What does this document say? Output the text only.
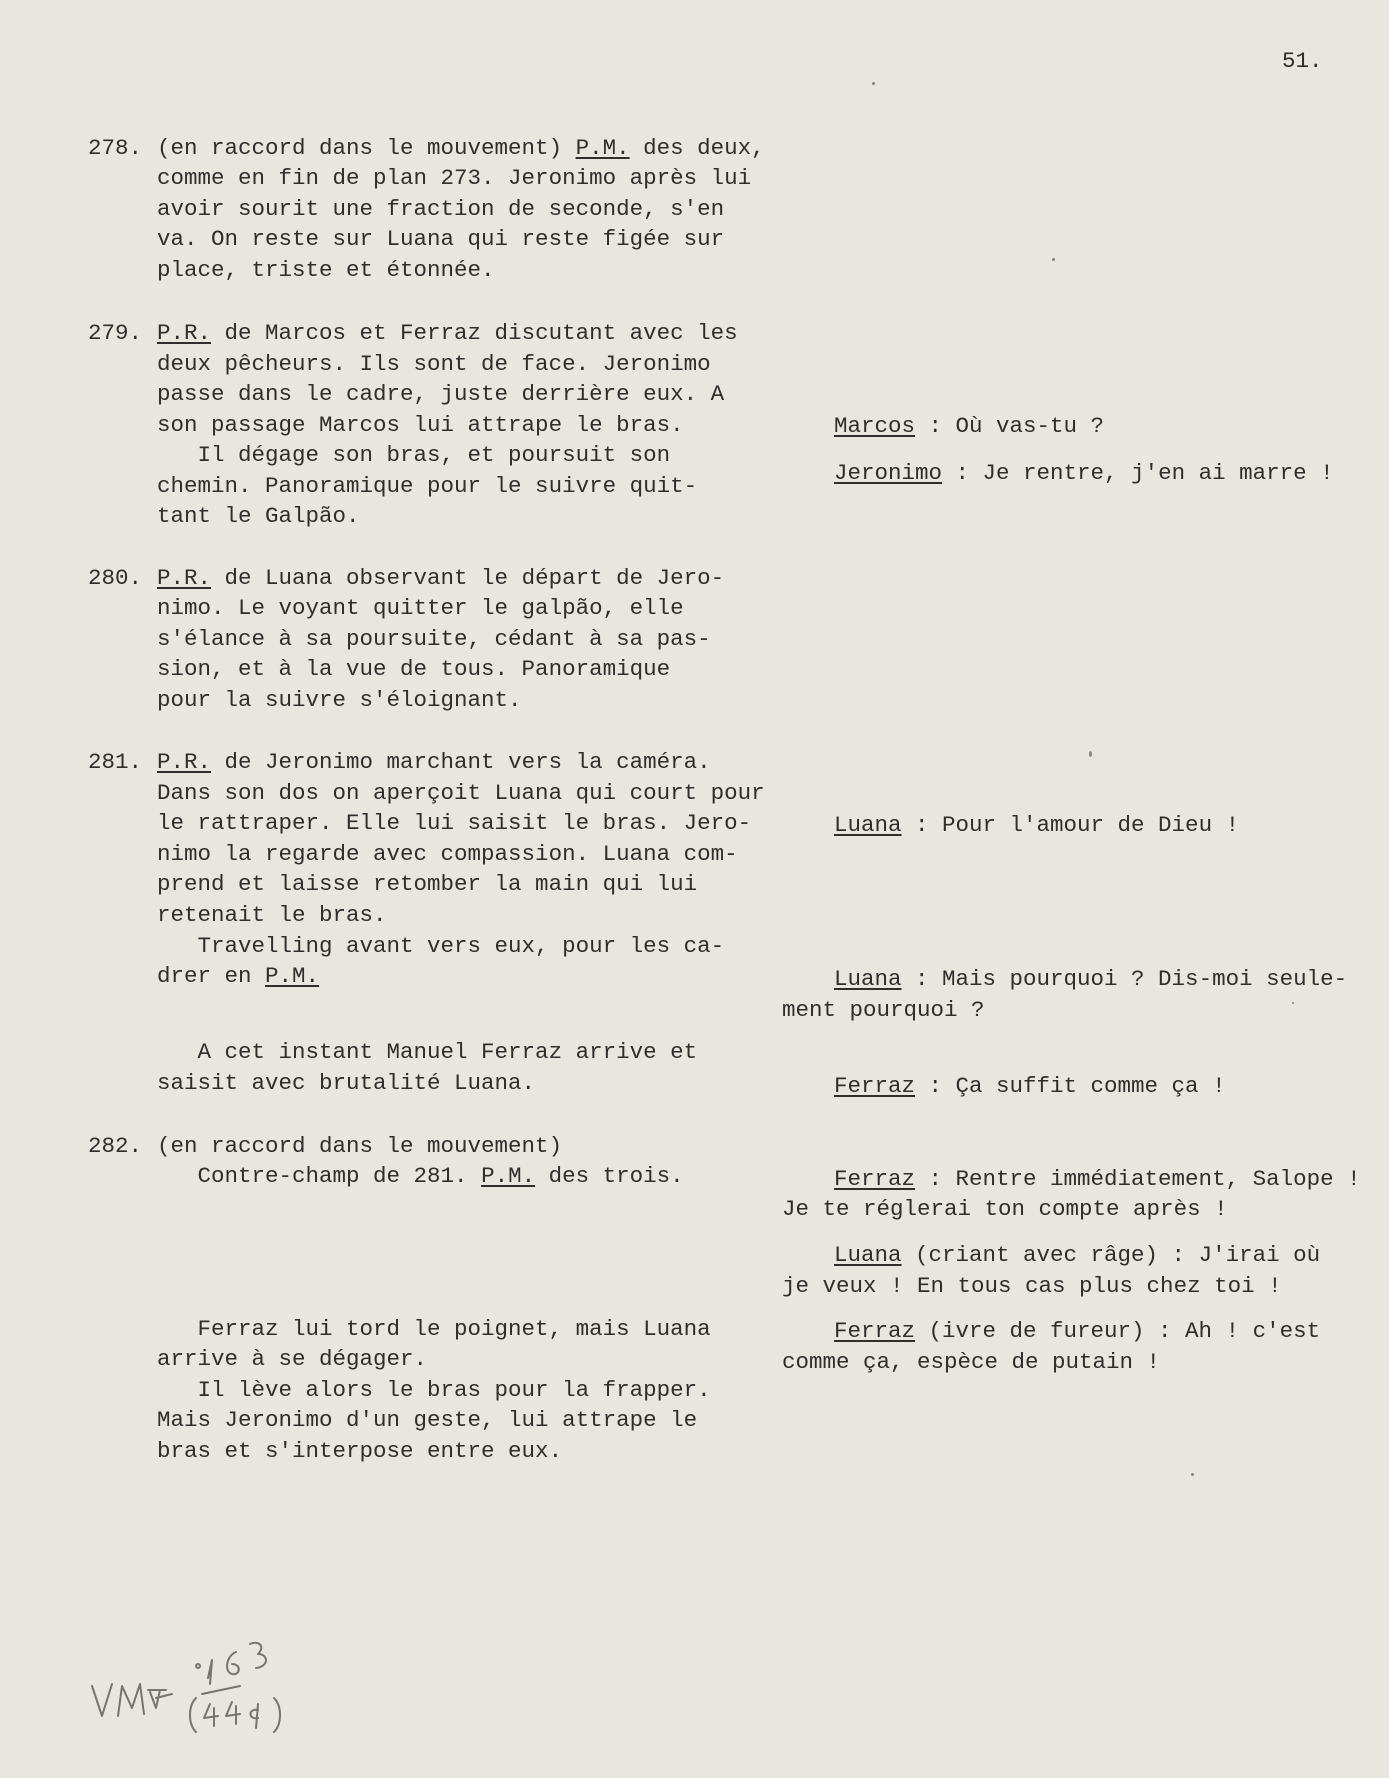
51.
278. (en raccord dans le mouvement) P.M. des deux,
comme en fin de plan 273. Jeronimo après lui
avoir sourit une fraction de seconde, s'en
va. On reste sur Luana qui reste figée sur
place, triste et étonnée.
279. P.R. de Marcos et Ferraz discutant avec les
deux pêcheurs. Ils sont de face. Jeronimo
passe dans le cadre, juste derrière eux. A
son passage Marcos lui attrape le bras.
Il dégage son bras, et poursuit son
chemin. Panoramique pour le suivre quit-
tant le Galpão.
280. P.R. de Luana observant le départ de Jero-
nimo. Le voyant quitter le galpão, elle
s'élance à sa poursuite, cédant à sa pas-
sion, et à la vue de tous. Panoramique
pour la suivre s'éloignant.
281. P.R. de Jeronimo marchant vers la caméra.
Dans son dos on aperçoit Luana qui court pour
le rattraper. Elle lui saisit le bras. Jero-
nimo la regarde avec compassion. Luana com-
prend et laisse retomber la main qui lui
retenait le bras.
Travelling avant vers eux, pour les ca-
drer en P.M.
A cet instant Manuel Ferraz arrive et
saisit avec brutalité Luana.
282. (en raccord dans le mouvement)
Contre-champ de 281. P.M. des trois.
Ferraz lui tord le poignet, mais Luana
arrive à se dégager.
Il lève alors le bras pour la frapper.
Mais Jeronimo d'un geste, lui attrape le
bras et s'interpose entre eux.
Marcos : Où vas-tu ?
Jeronimo : Je rentre, j'en ai marre !
Luana : Pour l'amour de Dieu !
Luana : Mais pourquoi ? Dis-moi seule-
ment pourquoi ?
Ferraz : Ça suffit comme ça !
Ferraz : Rentre immédiatement, Salope !
Je te réglerai ton compte après !
Luana (criant avec râge) : J'irai où
je veux ! En tous cas plus chez toi !
Ferraz (ivre de fureur) : Ah ! c'est
comme ça, espèce de putain !
